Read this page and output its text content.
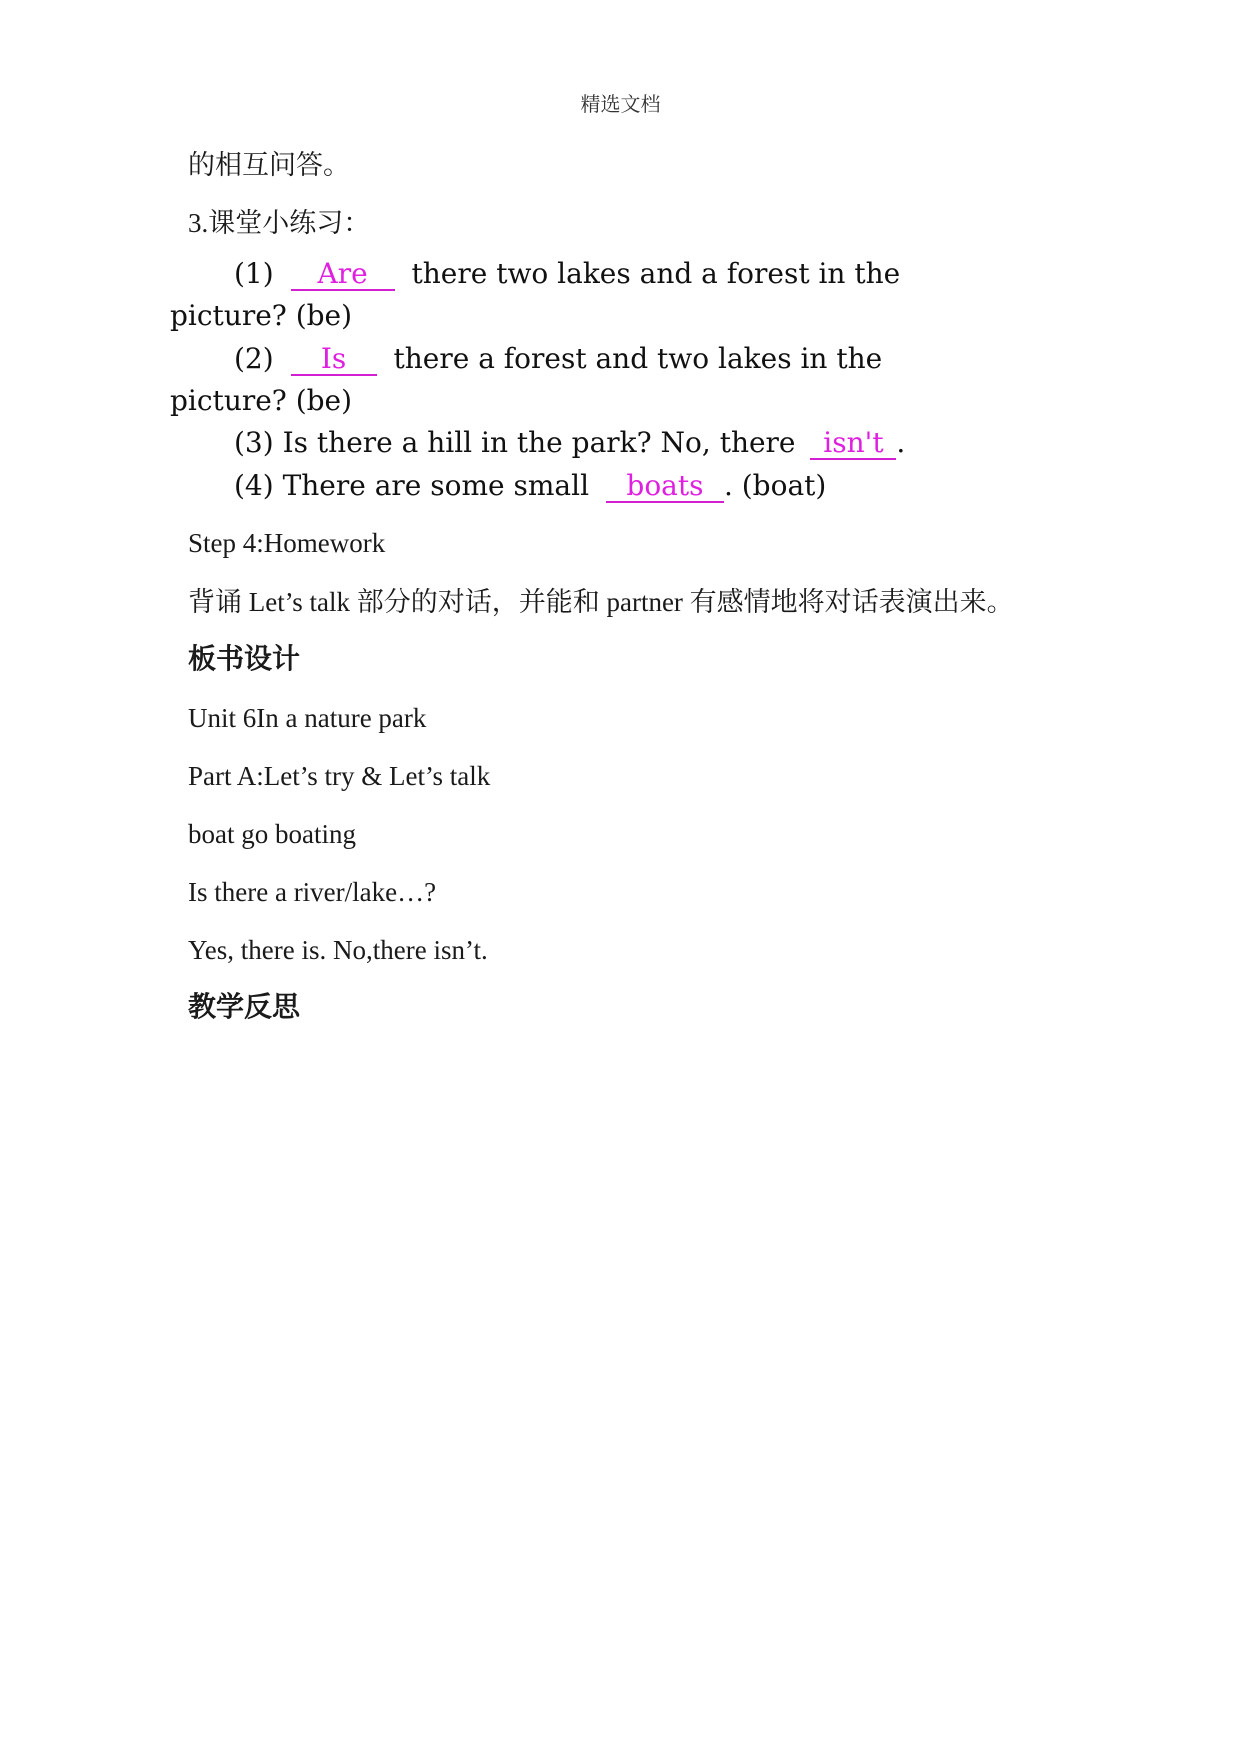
精选文档
的相互问答。
3.课堂小练习：
(1) Are there two lakes and a forest in the
picture? (be)
(2) Is there a forest and two lakes in the
picture? (be)
(3) Is there a hill in the park? No, there isn't .
(4) There are some small boats . (boat)
Step 4:Homework
背诵 Let’s talk 部分的对话，并能和 partner 有感情地将对话表演出来。
板书设计
Unit 6In a nature park
Part A:Let’s try & Let’s talk
boat go boating
Is there a river/lake…?
Yes, there is. No,there isn’t.
教学反思
